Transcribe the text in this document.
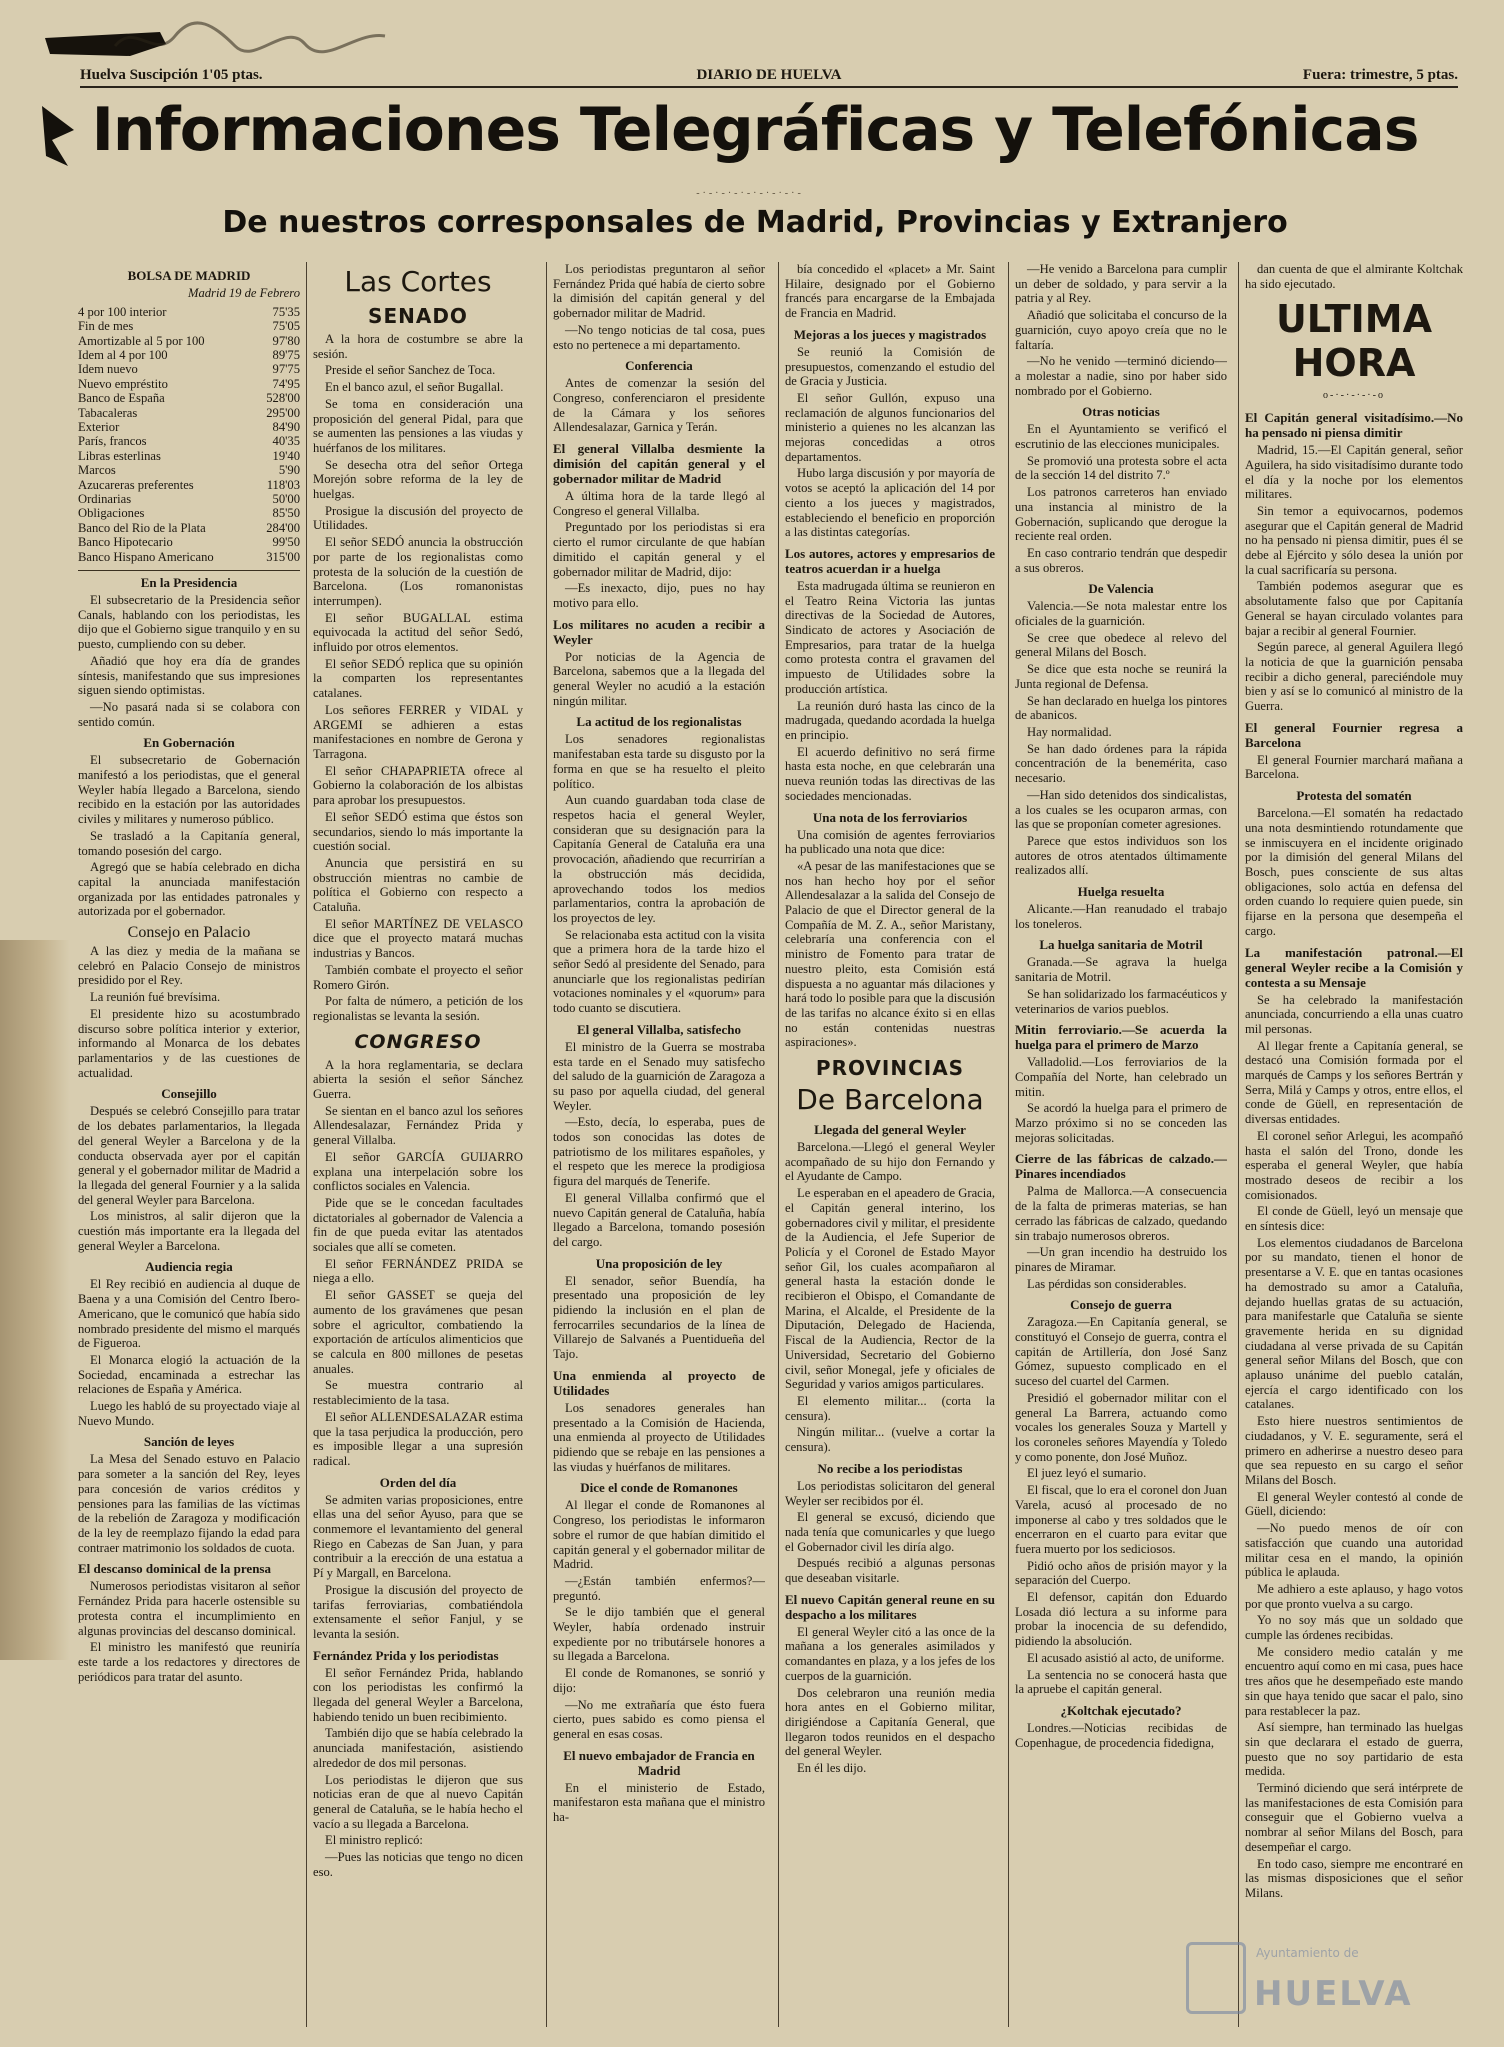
Huelva Suscipción 1'05 ptas.	DIARIO DE HUELVA	Fuera: trimestre, 5 ptas.
Informaciones Telegráficas y Telefónicas
-·-·-·-·-·-·-·-·-
De nuestros corresponsales de Madrid, Provincias y Extranjero
BOLSA DE MADRID
Madrid 19 de Febrero
4 por 100 interior	75'35
Fin de mes	75'05
Amortizable al 5 por 100	97'80
Idem al 4 por 100	89'75
Idem nuevo	97'75
Nuevo empréstito	74'95
Banco de España	528'00
Tabacaleras	295'00
Exterior	84'90
París, francos	40'35
Libras esterlinas	19'40
Marcos	5'90
Azucareras preferentes	118'03
Ordinarias	50'00
Obligaciones	85'50
Banco del Rio de la Plata	284'00
Banco Hipotecario	99'50
Banco Hispano Americano	315'00
En la Presidencia

El subsecretario de la Presidencia señor Canals, hablando con los periodistas, les dijo que el Gobierno sigue tranquilo y en su puesto, cumpliendo con su deber.

Añadió que hoy era día de grandes síntesis, manifestando que sus impresiones siguen siendo optimistas.

—No pasará nada si se colabora con sentido común.

En Gobernación

El subsecretario de Gobernación manifestó a los periodistas, que el general Weyler había llegado a Barcelona, siendo recibido en la estación por las autoridades civiles y militares y numeroso público.

Se trasladó a la Capitanía general, tomando posesión del cargo.

Agregó que se había celebrado en dicha capital la anunciada manifestación organizada por las entidades patronales y autorizada por el gobernador.

Consejo en Palacio

A las diez y media de la mañana se celebró en Palacio Consejo de ministros presidido por el Rey.

La reunión fué brevísima.

El presidente hizo su acostumbrado discurso sobre política interior y exterior, informando al Monarca de los debates parlamentarios y de las cuestiones de actualidad.

Consejillo

Después se celebró Consejillo para tratar de los debates parlamentarios, la llegada del general Weyler a Barcelona y de la conducta observada ayer por el capitán general y el gobernador militar de Madrid a la llegada del general Fournier y a la salida del general Weyler para Barcelona.

Los ministros, al salir dijeron que la cuestión más importante era la llegada del general Weyler a Barcelona.

Audiencia regia

El Rey recibió en audiencia al duque de Baena y a una Comisión del Centro Ibero-Americano, que le comunicó que había sido nombrado presidente del mismo el marqués de Figueroa.

El Monarca elogió la actuación de la Sociedad, encaminada a estrechar las relaciones de España y América.

Luego les habló de su proyectado viaje al Nuevo Mundo.

Sanción de leyes

La Mesa del Senado estuvo en Palacio para someter a la sanción del Rey, leyes para concesión de varios créditos y pensiones para las familias de las víctimas de la rebelión de Zaragoza y modificación de la ley de reemplazo fijando la edad para contraer matrimonio los soldados de cuota.

El descanso dominical de la prensa

Numerosos periodistas visitaron al señor Fernández Prida para hacerle ostensible su protesta contra el incumplimiento en algunas provincias del descanso dominical.

El ministro les manifestó que reuniría este tarde a los redactores y directores de periódicos para tratar del asunto.

Las Cortes
SENADO

A la hora de costumbre se abre la sesión.

Preside el señor Sanchez de Toca.

En el banco azul, el señor Bugallal.

Se toma en consideración una proposición del general Pidal, para que se aumenten las pensiones a las viudas y huérfanos de los militares.

Se desecha otra del señor Ortega Morejón sobre reforma de la ley de huelgas.

Prosigue la discusión del proyecto de Utilidades.

El señor SEDÓ anuncia la obstrucción por parte de los regionalistas como protesta de la solución de la cuestión de Barcelona. (Los romanonistas interrumpen).

El señor BUGALLAL estima equivocada la actitud del señor Sedó, influido por otros elementos.

El señor SEDÓ replica que su opinión la comparten los representantes catalanes.

Los señores FERRER y VIDAL y ARGEMI se adhieren a estas manifestaciones en nombre de Gerona y Tarragona.

El señor CHAPAPRIETA ofrece al Gobierno la colaboración de los albistas para aprobar los presupuestos.

El señor SEDÓ estima que éstos son secundarios, siendo lo más importante la cuestión social.

Anuncia que persistirá en su obstrucción mientras no cambie de política el Gobierno con respecto a Cataluña.

El señor MARTÍNEZ DE VELASCO dice que el proyecto matará muchas industrias y Bancos.

También combate el proyecto el señor Romero Girón.

Por falta de número, a petición de los regionalistas se levanta la sesión.

CONGRESO

A la hora reglamentaria, se declara abierta la sesión el señor Sánchez Guerra.

Se sientan en el banco azul los señores Allendesalazar, Fernández Prida y general Villalba.

El señor GARCÍA GUIJARRO explana una interpelación sobre los conflictos sociales en Valencia.

Pide que se le concedan facultades dictatoriales al gobernador de Valencia a fin de que pueda evitar las atentados sociales que allí se cometen.

El señor FERNÁNDEZ PRIDA se niega a ello.

El señor GASSET se queja del aumento de los gravámenes que pesan sobre el agricultor, combatiendo la exportación de artículos alimenticios que se calcula en 800 millones de pesetas anuales.

Se muestra contrario al restablecimiento de la tasa.

El señor ALLENDESALAZAR estima que la tasa perjudica la producción, pero es imposible llegar a una supresión radical.

Orden del día

Se admiten varias proposiciones, entre ellas una del señor Ayuso, para que se conmemore el levantamiento del general Riego en Cabezas de San Juan, y para contribuir a la erección de una estatua a Pí y Margall, en Barcelona.

Prosigue la discusión del proyecto de tarifas ferroviarias, combatiéndola extensamente el señor Fanjul, y se levanta la sesión.

Fernández Prida y los periodistas

El señor Fernández Prida, hablando con los periodistas les confirmó la llegada del general Weyler a Barcelona, habiendo tenido un buen recibimiento.

También dijo que se había celebrado la anunciada manifestación, asistiendo alrededor de dos mil personas.

Los periodistas le dijeron que sus noticias eran de que al nuevo Capitán general de Cataluña, se le había hecho el vacío a su llegada a Barcelona.

El ministro replicó:

—Pues las noticias que tengo no dicen eso.

Los periodistas preguntaron al señor Fernández Prida qué había de cierto sobre la dimisión del capitán general y del gobernador militar de Madrid.

—No tengo noticias de tal cosa, pues esto no pertenece a mi departamento.

Conferencia

Antes de comenzar la sesión del Congreso, conferenciaron el presidente de la Cámara y los señores Allendesalazar, Garnica y Terán.

El general Villalba desmiente la dimisión del capitán general y el gobernador militar de Madrid

A última hora de la tarde llegó al Congreso el general Villalba.

Preguntado por los periodistas si era cierto el rumor circulante de que habían dimitido el capitán general y el gobernador militar de Madrid, dijo:

—Es inexacto, dijo, pues no hay motivo para ello.

Los militares no acuden a recibir a Weyler

Por noticias de la Agencia de Barcelona, sabemos que a la llegada del general Weyler no acudió a la estación ningún militar.

La actitud de los regionalistas

Los senadores regionalistas manifestaban esta tarde su disgusto por la forma en que se ha resuelto el pleito político.

Aun cuando guardaban toda clase de respetos hacia el general Weyler, consideran que su designación para la Capitanía General de Cataluña era una provocación, añadiendo que recurrirían a la obstrucción más decidida, aprovechando todos los medios parlamentarios, contra la aprobación de los proyectos de ley.

Se relacionaba esta actitud con la visita que a primera hora de la tarde hizo el señor Sedó al presidente del Senado, para anunciarle que los regionalistas pedirían votaciones nominales y el «quorum» para todo cuanto se discutiera.

El general Villalba, satisfecho

El ministro de la Guerra se mostraba esta tarde en el Senado muy satisfecho del saludo de la guarnición de Zaragoza a su paso por aquella ciudad, del general Weyler.

—Esto, decía, lo esperaba, pues de todos son conocidas las dotes de patriotismo de los militares españoles, y el respeto que les merece la prodigiosa figura del marqués de Tenerife.

El general Villalba confirmó que el nuevo Capitán general de Cataluña, había llegado a Barcelona, tomando posesión del cargo.

Una proposición de ley

El senador, señor Buendía, ha presentado una proposición de ley pidiendo la inclusión en el plan de ferrocarriles secundarios de la línea de Villarejo de Salvanés a Puentidueña del Tajo.

Una enmienda al proyecto de Utilidades

Los senadores generales han presentado a la Comisión de Hacienda, una enmienda al proyecto de Utilidades pidiendo que se rebaje en las pensiones a las viudas y huérfanos de militares.

Dice el conde de Romanones

Al llegar el conde de Romanones al Congreso, los periodistas le informaron sobre el rumor de que habían dimitido el capitán general y el gobernador militar de Madrid.

—¿Están también enfermos?—preguntó.

Se le dijo también que el general Weyler, había ordenado instruir expediente por no tributársele honores a su llegada a Barcelona.

El conde de Romanones, se sonrió y dijo:

—No me extrañaría que ésto fuera cierto, pues sabido es como piensa el general en esas cosas.

El nuevo embajador de Francia en Madrid

En el ministerio de Estado, manifestaron esta mañana que el ministro ha-

bía concedido el «placet» a Mr. Saint Hilaire, designado por el Gobierno francés para encargarse de la Embajada de Francia en Madrid.

Mejoras a los jueces y magistrados

Se reunió la Comisión de presupuestos, comenzando el estudio del de Gracia y Justicia.

El señor Gullón, expuso una reclamación de algunos funcionarios del ministerio a quienes no les alcanzan las mejoras concedidas a otros departamentos.

Hubo larga discusión y por mayoría de votos se aceptó la aplicación del 14 por ciento a los jueces y magistrados, estableciendo el beneficio en proporción a las distintas categorías.

Los autores, actores y empresarios de teatros acuerdan ir a huelga

Esta madrugada última se reunieron en el Teatro Reina Victoria las juntas directivas de la Sociedad de Autores, Sindicato de actores y Asociación de Empresarios, para tratar de la huelga como protesta contra el gravamen del impuesto de Utilidades sobre la producción artística.

La reunión duró hasta las cinco de la madrugada, quedando acordada la huelga en principio.

El acuerdo definitivo no será firme hasta esta noche, en que celebrarán una nueva reunión todas las directivas de las sociedades mencionadas.

Una nota de los ferroviarios

Una comisión de agentes ferroviarios ha publicado una nota que dice:

«A pesar de las manifestaciones que se nos han hecho hoy por el señor Allendesalazar a la salida del Consejo de Palacio de que el Director general de la Compañía de M. Z. A., señor Maristany, celebraría una conferencia con el ministro de Fomento para tratar de nuestro pleito, esta Comisión está dispuesta a no aguantar más dilaciones y hará todo lo posible para que la discusión de las tarifas no alcance éxito si en ellas no están contenidas nuestras aspiraciones».

PROVINCIAS
De Barcelona
Llegada del general Weyler

Barcelona.—Llegó el general Weyler acompañado de su hijo don Fernando y el Ayudante de Campo.

Le esperaban en el apeadero de Gracia, el Capitán general interino, los gobernadores civil y militar, el presidente de la Audiencia, el Jefe Superior de Policía y el Coronel de Estado Mayor señor Gil, los cuales acompañaron al general hasta la estación donde le recibieron el Obispo, el Comandante de Marina, el Alcalde, el Presidente de la Diputación, Delegado de Hacienda, Fiscal de la Audiencia, Rector de la Universidad, Secretario del Gobierno civil, señor Monegal, jefe y oficiales de Seguridad y varios amigos particulares.

El elemento militar... (corta la censura).

Ningún militar... (vuelve a cortar la censura).

No recibe a los periodistas

Los periodistas solicitaron del general Weyler ser recibidos por él.

El general se excusó, diciendo que nada tenía que comunicarles y que luego el Gobernador civil les diría algo.

Después recibió a algunas personas que deseaban visitarle.

El nuevo Capitán general reune en su despacho a los militares

El general Weyler citó a las once de la mañana a los generales asimilados y comandantes en plaza, y a los jefes de los cuerpos de la guarnición.

Dos celebraron una reunión media hora antes en el Gobierno militar, dirigiéndose a Capitanía General, que llegaron todos reunidos en el despacho del general Weyler.

En él les dijo.

—He venido a Barcelona para cumplir un deber de soldado, y para servir a la patria y al Rey.

Añadió que solicitaba el concurso de la guarnición, cuyo apoyo creía que no le faltaría.

—No he venido —terminó diciendo— a molestar a nadie, sino por haber sido nombrado por el Gobierno.

Otras noticias

En el Ayuntamiento se verificó el escrutinio de las elecciones municipales.

Se promovió una protesta sobre el acta de la sección 14 del distrito 7.º

Los patronos carreteros han enviado una instancia al ministro de la Gobernación, suplicando que derogue la reciente real orden.

En caso contrario tendrán que despedir a sus obreros.

De Valencia

Valencia.—Se nota malestar entre los oficiales de la guarnición.

Se cree que obedece al relevo del general Milans del Bosch.

Se dice que esta noche se reunirá la Junta regional de Defensa.

Se han declarado en huelga los pintores de abanicos.

Hay normalidad.

Se han dado órdenes para la rápida concentración de la benemérita, caso necesario.

—Han sido detenidos dos sindicalistas, a los cuales se les ocuparon armas, con las que se proponían cometer agresiones.

Parece que estos individuos son los autores de otros atentados últimamente realizados allí.

Huelga resuelta

Alicante.—Han reanudado el trabajo los toneleros.

La huelga sanitaria de Motril

Granada.—Se agrava la huelga sanitaria de Motril.

Se han solidarizado los farmacéuticos y veterinarios de varios pueblos.

Mitin ferroviario.—Se acuerda la huelga para el primero de Marzo

Valladolid.—Los ferroviarios de la Compañía del Norte, han celebrado un mitin.

Se acordó la huelga para el primero de Marzo próximo si no se conceden las mejoras solicitadas.

Cierre de las fábricas de calzado.—Pinares incendiados

Palma de Mallorca.—A consecuencia de la falta de primeras materias, se han cerrado las fábricas de calzado, quedando sin trabajo numerosos obreros.

—Un gran incendio ha destruido los pinares de Miramar.

Las pérdidas son considerables.

Consejo de guerra

Zaragoza.—En Capitanía general, se constituyó el Consejo de guerra, contra el capitán de Artillería, don José Sanz Gómez, supuesto complicado en el suceso del cuartel del Carmen.

Presidió el gobernador militar con el general La Barrera, actuando como vocales los generales Souza y Martell y los coroneles señores Mayendía y Toledo y como ponente, don José Muñoz.

El juez leyó el sumario.

El fiscal, que lo era el coronel don Juan Varela, acusó al procesado de no imponerse al cabo y tres soldados que le encerraron en el cuarto para evitar que fuera muerto por los sediciosos.

Pidió ocho años de prisión mayor y la separación del Cuerpo.

El defensor, capitán don Eduardo Losada dió lectura a su informe para probar la inocencia de su defendido, pidiendo la absolución.

El acusado asistió al acto, de uniforme.

La sentencia no se conocerá hasta que la apruebe el capitán general.

¿Koltchak ejecutado?

Londres.—Noticias recibidas de Copenhague, de procedencia fidedigna,

dan cuenta de que el almirante Koltchak ha sido ejecutado.

ULTIMA HORA
o-·-·-·-·-o
El Capitán general visitadísimo.—No ha pensado ni piensa dimitir

Madrid, 15.—El Capitán general, señor Aguilera, ha sido visitadísimo durante todo el día y la noche por los elementos militares.

Sin temor a equivocarnos, podemos asegurar que el Capitán general de Madrid no ha pensado ni piensa dimitir, pues él se debe al Ejército y sólo desea la unión por la cual sacrificaría su persona.

También podemos asegurar que es absolutamente falso que por Capitanía General se hayan circulado volantes para bajar a recibir al general Fournier.

Según parece, al general Aguilera llegó la noticia de que la guarnición pensaba recibir a dicho general, pareciéndole muy bien y así se lo comunicó al ministro de la Guerra.

El general Fournier regresa a Barcelona

El general Fournier marchará mañana a Barcelona.

Protesta del somatén

Barcelona.—El somatén ha redactado una nota desmintiendo rotundamente que se inmiscuyera en el incidente originado por la dimisión del general Milans del Bosch, pues consciente de sus altas obligaciones, solo actúa en defensa del orden cuando lo requiere quien puede, sin fijarse en la persona que desempeña el cargo.

La manifestación patronal.—El general Weyler recibe a la Comisión y contesta a su Mensaje

Se ha celebrado la manifestación anunciada, concurriendo a ella unas cuatro mil personas.

Al llegar frente a Capitanía general, se destacó una Comisión formada por el marqués de Camps y los señores Bertrán y Serra, Milá y Camps y otros, entre ellos, el conde de Güell, en representación de diversas entidades.

El coronel señor Arlegui, les acompañó hasta el salón del Trono, donde les esperaba el general Weyler, que había mostrado deseos de recibir a los comisionados.

El conde de Güell, leyó un mensaje que en síntesis dice:

Los elementos ciudadanos de Barcelona por su mandato, tienen el honor de presentarse a V. E. que en tantas ocasiones ha demostrado su amor a Cataluña, dejando huellas gratas de su actuación, para manifestarle que Cataluña se siente gravemente herida en su dignidad ciudadana al verse privada de su Capitán general señor Milans del Bosch, que con aplauso unánime del pueblo catalán, ejercía el cargo identificado con los catalanes.

Esto hiere nuestros sentimientos de ciudadanos, y V. E. seguramente, será el primero en adherirse a nuestro deseo para que sea repuesto en su cargo el señor Milans del Bosch.

El general Weyler contestó al conde de Güell, diciendo:

—No puedo menos de oír con satisfacción que cuando una autoridad militar cesa en el mando, la opinión pública le aplauda.

Me adhiero a este aplauso, y hago votos por que pronto vuelva a su cargo.

Yo no soy más que un soldado que cumple las órdenes recibidas.

Me considero medio catalán y me encuentro aquí como en mi casa, pues hace tres años que he desempeñado este mando sin que haya tenido que sacar el palo, sino para restablecer la paz.

Así siempre, han terminado las huelgas sin que declarara el estado de guerra, puesto que no soy partidario de esta medida.

Terminó diciendo que será intérprete de las manifestaciones de esta Comisión para conseguir que el Gobierno vuelva a nombrar al señor Milans del Bosch, para desempeñar el cargo.

En todo caso, siempre me encontraré en las mismas disposiciones que el señor Milans.

Ayuntamiento de
HUELVA
